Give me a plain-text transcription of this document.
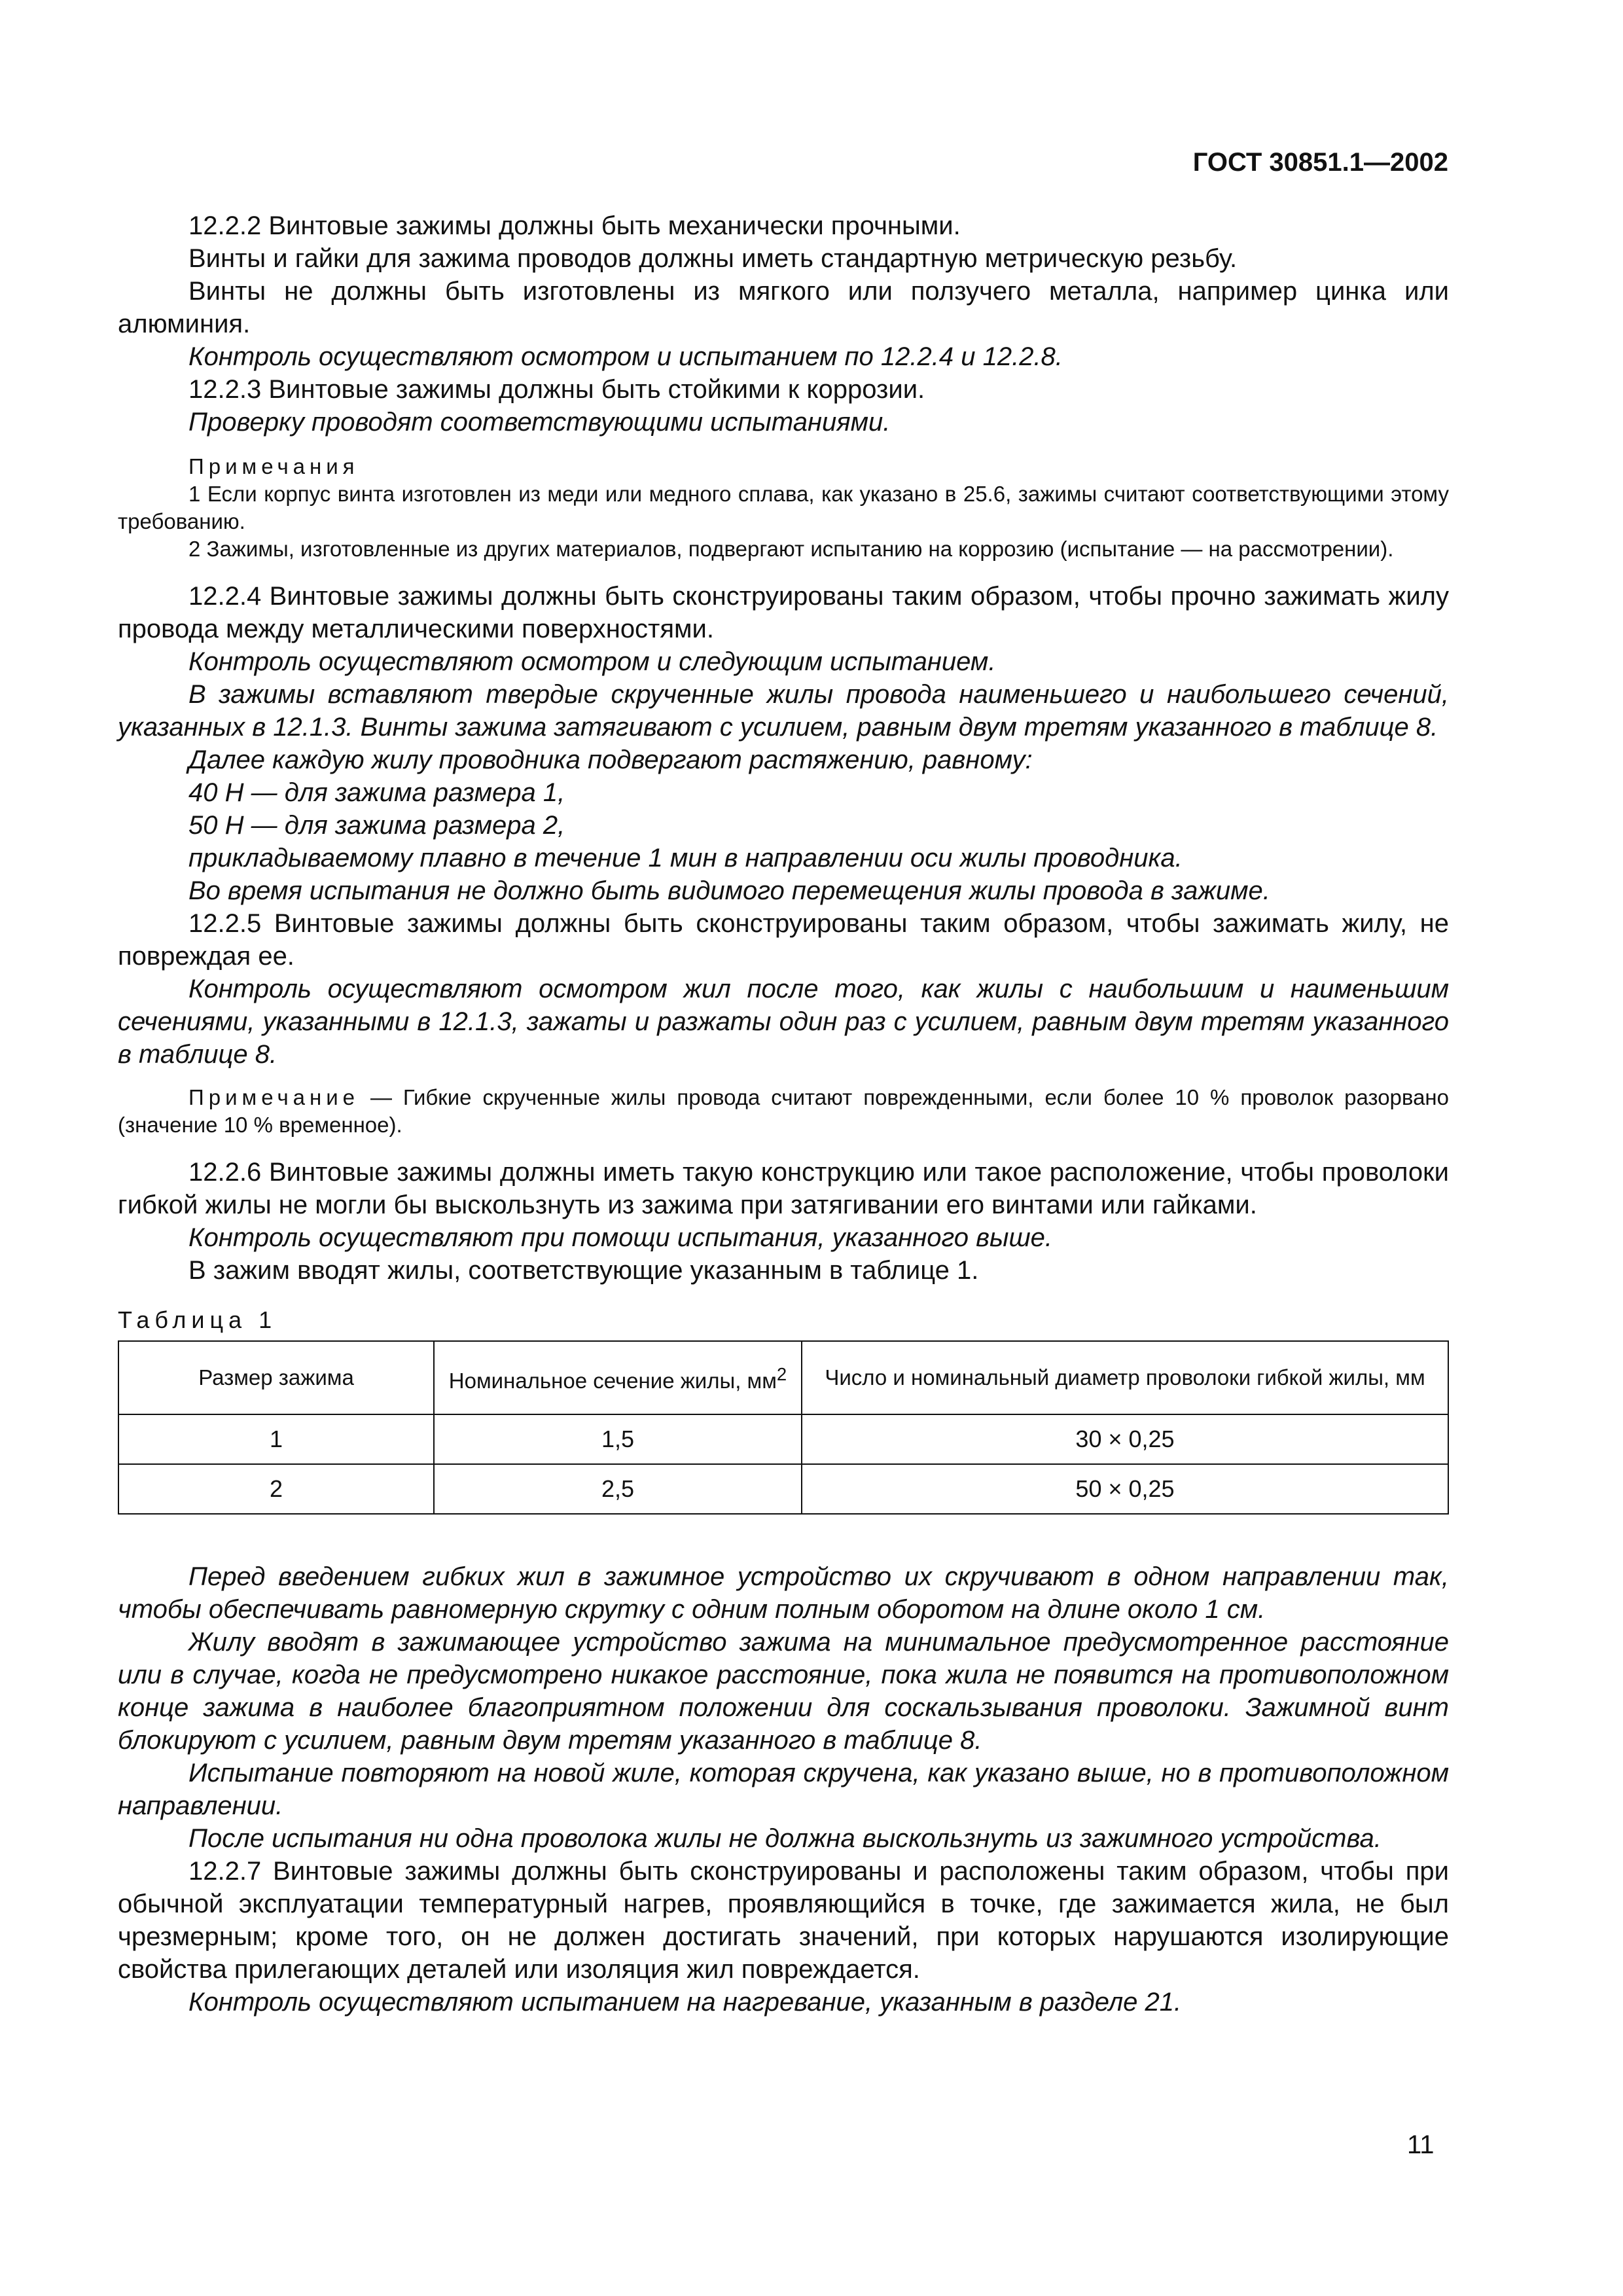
ГОСТ 30851.1—2002

12.2.2 Винтовые зажимы должны быть механически прочными.

Винты и гайки для зажима проводов должны иметь стандартную метрическую резьбу.

Винты не должны быть изготовлены из мягкого или ползучего металла, например цинка или алюминия.

Контроль осуществляют осмотром и испытанием по 12.2.4 и 12.2.8.

12.2.3 Винтовые зажимы должны быть стойкими к коррозии.

Проверку проводят соответствующими испытаниями.

Примечания

1 Если корпус винта изготовлен из меди или медного сплава, как указано в 25.6, зажимы считают соответствующими этому требованию.

2 Зажимы, изготовленные из других материалов, подвергают испытанию на коррозию (испытание — на рассмотрении).

12.2.4 Винтовые зажимы должны быть сконструированы таким образом, чтобы прочно зажимать жилу провода между металлическими поверхностями.

Контроль осуществляют осмотром и следующим испытанием.

В зажимы вставляют твердые скрученные жилы провода наименьшего и наибольшего сечений, указанных в 12.1.3. Винты зажима затягивают с усилием, равным двум третям указанного в таблице 8.

Далее каждую жилу проводника подвергают растяжению, равному:

40 Н — для зажима размера 1,

50 Н — для зажима размера 2,

прикладываемому плавно в течение 1 мин в направлении оси жилы проводника.

Во время испытания не должно быть видимого перемещения жилы провода в зажиме.

12.2.5 Винтовые зажимы должны быть сконструированы таким образом, чтобы зажимать жилу, не повреждая ее.

Контроль осуществляют осмотром жил после того, как жилы с наибольшим и наименьшим сечениями, указанными в 12.1.3, зажаты и разжаты один раз с усилием, равным двум третям указанного в таблице 8.

Примечание — Гибкие скрученные жилы провода считают поврежденными, если более 10 % проволок разорвано (значение 10 % временное).

12.2.6 Винтовые зажимы должны иметь такую конструкцию или такое расположение, чтобы проволоки гибкой жилы не могли бы выскользнуть из зажима при затягивании его винтами или гайками.

Контроль осуществляют при помощи испытания, указанного выше.

В зажим вводят жилы, соответствующие указанным в таблице 1.

Таблица 1
Размер зажима	Номинальное сечение жилы, $мм^2$	Число и номинальный диаметр проволоки гибкой жилы, мм
1	1,5	30 × 0,25
2	2,5	50 × 0,25

Перед введением гибких жил в зажимное устройство их скручивают в одном направлении так, чтобы обеспечивать равномерную скрутку с одним полным оборотом на длине около 1 см.

Жилу вводят в зажимающее устройство зажима на минимальное предусмотренное расстояние или в случае, когда не предусмотрено никакое расстояние, пока жила не появится на противоположном конце зажима в наиболее благоприятном положении для соскальзывания проволоки. Зажимной винт блокируют с усилием, равным двум третям указанного в таблице 8.

Испытание повторяют на новой жиле, которая скручена, как указано выше, но в противоположном направлении.

После испытания ни одна проволока жилы не должна выскользнуть из зажимного устройства.

12.2.7 Винтовые зажимы должны быть сконструированы и расположены таким образом, чтобы при обычной эксплуатации температурный нагрев, проявляющийся в точке, где зажимается жила, не был чрезмерным; кроме того, он не должен достигать значений, при которых нарушаются изолирующие свойства прилегающих деталей или изоляция жил повреждается.

Контроль осуществляют испытанием на нагревание, указанным в разделе 21.

11
